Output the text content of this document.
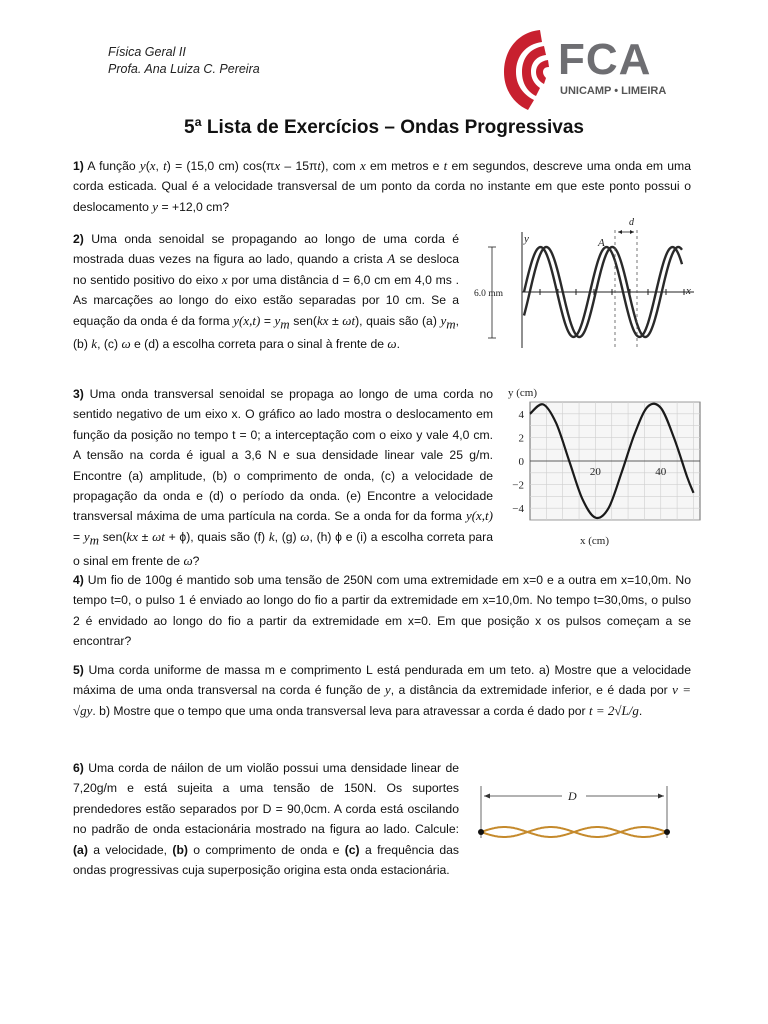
Física Geral II
Profa. Ana Luiza C. Pereira	FCA
UNICAMP • LIMEIRA
5ª Lista de Exercícios – Ondas Progressivas
1) A função y(x, t) = (15,0 cm) cos(πx – 15πt), com x em metros e t em segundos, descreve uma onda em uma corda esticada. Qual é a velocidade transversal de um ponto da corda no instante em que este ponto possui o deslocamento y = +12,0 cm?
2) Uma onda senoidal se propagando ao longo de uma corda é mostrada duas vezes na figura ao lado, quando a crista A se desloca no sentido positivo do eixo x por uma distância d = 6,0 cm em 4,0 ms . As marcações ao longo do eixo estão separadas por 10 cm. Se a equação da onda é da forma $y(x,t) = y_m$ sen(kx ± ωt), quais são (a) $y_m$, (b) k, (c) ω e (d) a escolha correta para o sinal à frente de ω.
d
A
y
x
6.0 mm
3) Uma onda transversal senoidal se propaga ao longo de uma corda no sentido negativo de um eixo x. O gráfico ao lado mostra o deslocamento em função da posição no tempo t = 0; a interceptação com o eixo y vale 4,0 cm. A tensão na corda é igual a 3,6 N e sua densidade linear vale 25 g/m. Encontre (a) amplitude, (b) o comprimento de onda, (c) a velocidade de propagação da onda e (d) o período da onda. (e) Encontre a velocidade transversal máxima de uma partícula na corda. Se a onda for da forma $y(x,t) = y_m$ sen(kx ± ωt + ϕ), quais são (f) k, (g) ω, (h) ϕ e (i) a escolha correta para o sinal em frente de ω?
4
2
0
−2
−4
20	40
y (cm)
x (cm)
4) Um fio de 100g é mantido sob uma tensão de 250N com uma extremidade em x=0 e a outra em x=10,0m. No tempo t=0, o pulso 1 é enviado ao longo do fio a partir da extremidade em x=10,0m. No tempo t=30,0ms, o pulso 2 é envidado ao longo do fio a partir da extremidade em x=0. Em que posição x os pulsos começam a se encontrar?
5) Uma corda uniforme de massa m e comprimento L está pendurada em um teto. a) Mostre que a velocidade máxima de uma onda transversal na corda é função de y, a distância da extremidade inferior, e é dada por v = √gy. b) Mostre que o tempo que uma onda transversal leva para atravessar a corda é dado por t = 2√L/g.
6) Uma corda de náilon de um violão possui uma densidade linear de 7,20g/m e está sujeita a uma tensão de 150N. Os suportes prendedores estão separados por D = 90,0cm. A corda está oscilando no padrão de onda estacionária mostrado na figura ao lado. Calcule: (a) a velocidade, (b) o comprimento de onda e (c) a frequência das ondas progressivas cuja superposição origina esta onda estacionária.
D
